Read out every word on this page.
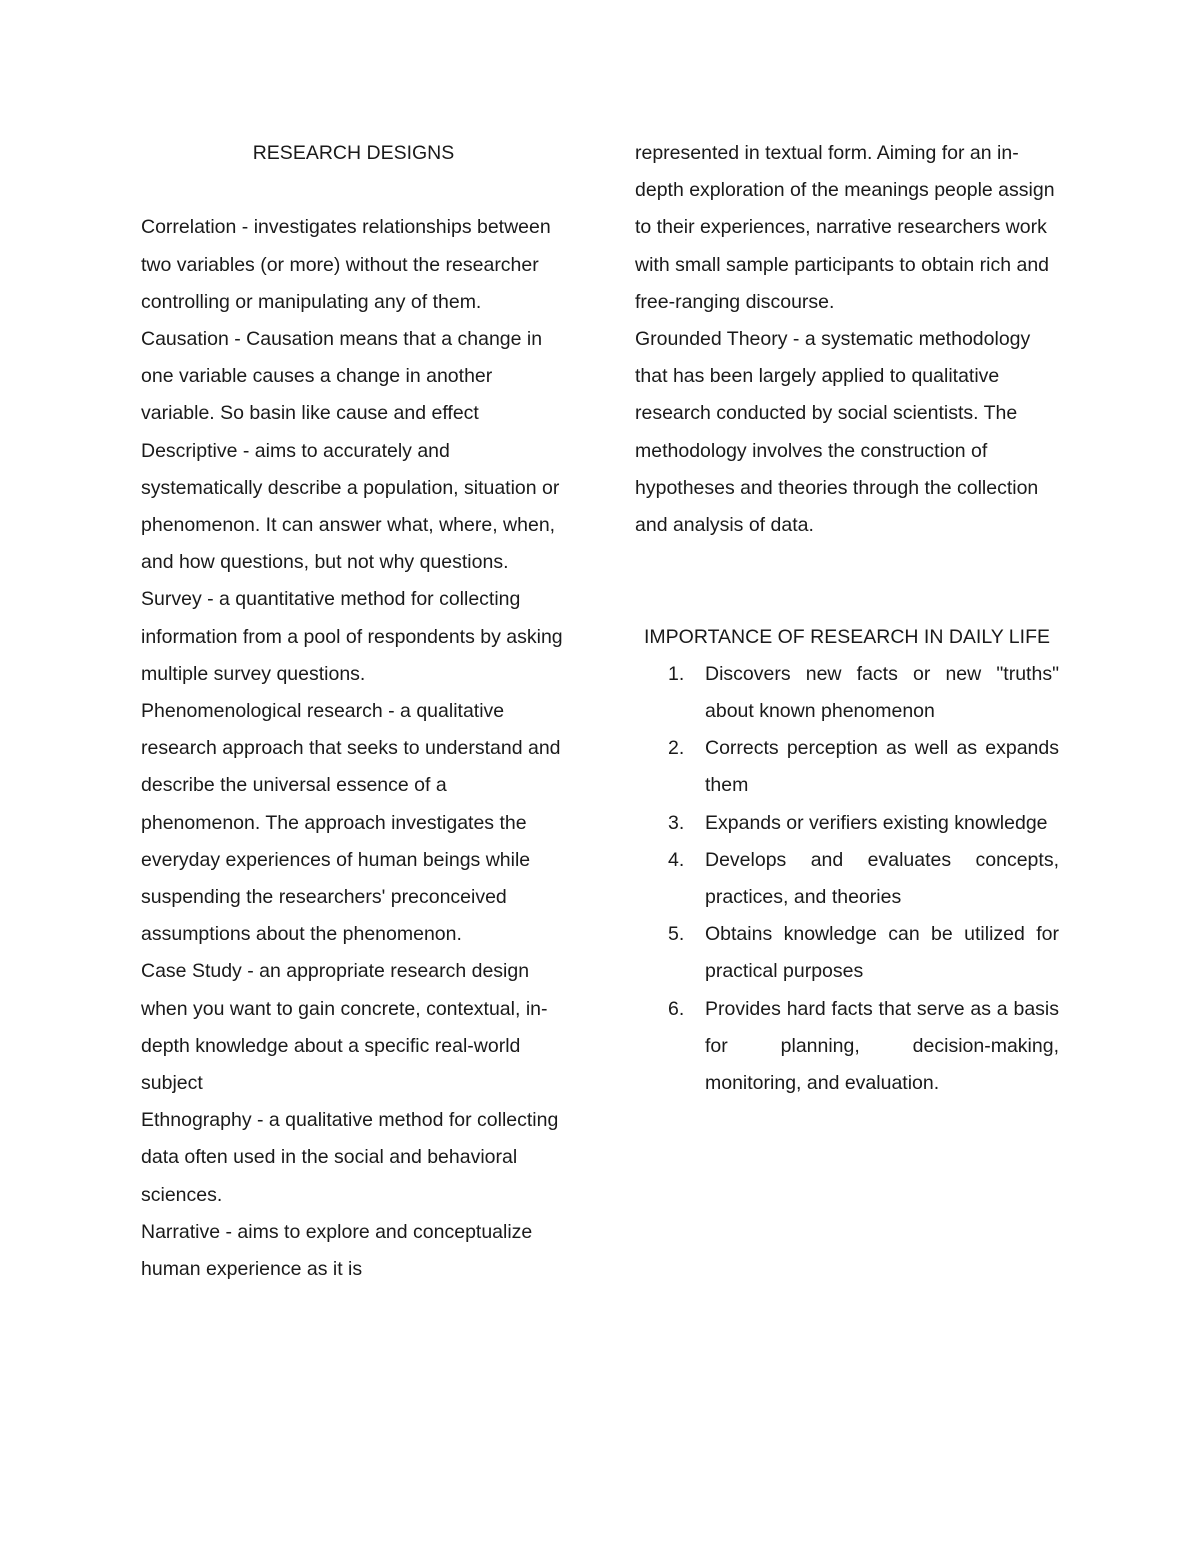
RESEARCH DESIGNS

Correlation - investigates relationships between two variables (or more) without the researcher controlling or manipulating any of them.

Causation - Causation means that a change in one variable causes a change in another variable. So basin like cause and effect

Descriptive - aims to accurately and systematically describe a population, situation or phenomenon. It can answer what, where, when, and how questions, but not why questions.

Survey - a quantitative method for collecting information from a pool of respondents by asking multiple survey questions.

Phenomenological research - a qualitative research approach that seeks to understand and describe the universal essence of a phenomenon. The approach investigates the everyday experiences of human beings while suspending the researchers' preconceived assumptions about the phenomenon.

Case Study - an appropriate research design when you want to gain concrete, contextual, in-depth knowledge about a specific real-world subject

Ethnography - a qualitative method for collecting data often used in the social and behavioral sciences.

Narrative - aims to explore and conceptualize human experience as it is

represented in textual form. Aiming for an in-depth exploration of the meanings people assign to their experiences, narrative researchers work with small sample participants to obtain rich and free-ranging discourse.

Grounded Theory - a systematic methodology that has been largely applied to qualitative research conducted by social scientists. The methodology involves the construction of hypotheses and theories through the collection and analysis of data.

IMPORTANCE OF RESEARCH IN DAILY LIFE
1. Discovers new facts or new "truths" about known phenomenon
2. Corrects perception as well as expands them
3. Expands or verifiers existing knowledge
4. Develops and evaluates concepts, practices, and theories
5. Obtains knowledge can be utilized for practical purposes
6. Provides hard facts that serve as a basis for planning, decision-making, monitoring, and evaluation.
